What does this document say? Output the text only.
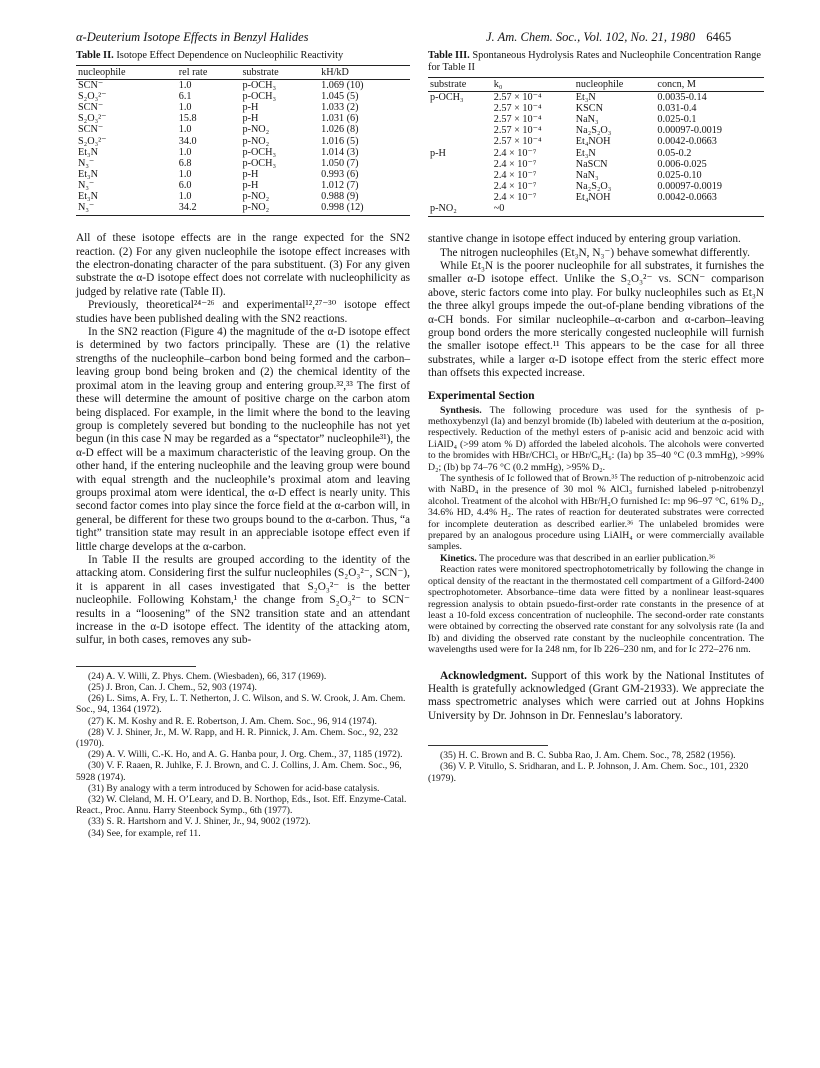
α-Deuterium Isotope Effects in Benzyl Halides	J. Am. Chem. Soc., Vol. 102, No. 21, 1980 6465
Table II. Isotope Effect Dependence on Nucleophilic Reactivity
nucleophile	rel rate	substrate	kH/kD
SCN⁻	1.0	p-OCH₃	1.069 (10)
S₂O₃²⁻	6.1	p-OCH₃	1.045 (5)
SCN⁻	1.0	p-H	1.033 (2)
S₂O₃²⁻	15.8	p-H	1.031 (6)
SCN⁻	1.0	p-NO₂	1.026 (8)
S₂O₃²⁻	34.0	p-NO₂	1.016 (5)
Et₃N	1.0	p-OCH₃	1.014 (3)
N₃⁻	6.8	p-OCH₃	1.050 (7)
Et₃N	1.0	p-H	0.993 (6)
N₃⁻	6.0	p-H	1.012 (7)
Et₃N	1.0	p-NO₂	0.988 (9)
N₃⁻	34.2	p-NO₂	0.998 (12)

All of these isotope effects are in the range expected for the SN2 reaction. (2) For any given nucleophile the isotope effect increases with the electron-donating character of the para substituent. (3) For any given substrate the α-D isotope effect does not correlate with nucleophilicity as judged by relative rate (Table II).

Previously, theoretical²⁴⁻²⁶ and experimental¹²,²⁷⁻³⁰ isotope effect studies have been published dealing with the SN2 reactions.

In the SN2 reaction (Figure 4) the magnitude of the α-D isotope effect is determined by two factors principally. These are (1) the relative strengths of the nucleophile–carbon bond being formed and the carbon–leaving group bond being broken and (2) the chemical identity of the proximal atom in the leaving group and entering group.³²,³³ The first of these will determine the amount of positive charge on the carbon atom being displaced. For example, in the limit where the bond to the leaving group is completely severed but bonding to the nucleophile has not yet begun (in this case N may be regarded as a “spectator” nucleophile³¹), the α-D effect will be a maximum characteristic of the leaving group. On the other hand, if the entering nucleophile and the leaving group were bound with equal strength and the nucleophile’s proximal atom and leaving groups proximal atom were identical, the α-D effect is nearly unity. This second factor comes into play since the force field at the α-carbon will, in general, be different for these two groups bound to the α-carbon. Thus, “a tight” transition state may result in an appreciable isotope effect even if little charge develops at the α-carbon.

In Table II the results are grouped according to the identity of the attacking atom. Considering first the sulfur nucleophiles (S₂O₃²⁻, SCN⁻), it is apparent in all cases investigated that S₂O₃²⁻ is the better nucleophile. Following Kohstam,¹ the change from S₂O₃²⁻ to SCN⁻ results in a “loosening” of the SN2 transition state and an attendant increase in the α-D isotope effect. The identity of the attacking atom, sulfur, in both cases, removes any sub-

(24) A. V. Willi, Z. Phys. Chem. (Wiesbaden), 66, 317 (1969).
(25) J. Bron, Can. J. Chem., 52, 903 (1974).
(26) L. Sims, A. Fry, L. T. Netherton, J. C. Wilson, and S. W. Crook, J. Am. Chem. Soc., 94, 1364 (1972).
(27) K. M. Koshy and R. E. Robertson, J. Am. Chem. Soc., 96, 914 (1974).
(28) V. J. Shiner, Jr., M. W. Rapp, and H. R. Pinnick, J. Am. Chem. Soc., 92, 232 (1970).
(29) A. V. Willi, C.-K. Ho, and A. G. Hanba pour, J. Org. Chem., 37, 1185 (1972).
(30) V. F. Raaen, R. Juhlke, F. J. Brown, and C. J. Collins, J. Am. Chem. Soc., 96, 5928 (1974).
(31) By analogy with a term introduced by Schowen for acid-base catalysis.
(32) W. Cleland, M. H. O’Leary, and D. B. Northop, Eds., Isot. Eff. Enzyme-Catal. React., Proc. Annu. Harry Steenbock Symp., 6th (1977).
(33) S. R. Hartshorn and V. J. Shiner, Jr., 94, 9002 (1972).
(34) See, for example, ref 11.
Table III. Spontaneous Hydrolysis Rates and Nucleophile Concentration Range for Table II
substrate	k₀	nucleophile	concn, M
p-OCH₃	2.57 × 10⁻⁴	Et₃N	0.0035-0.14
	2.57 × 10⁻⁴	KSCN	0.031-0.4
	2.57 × 10⁻⁴	NaN₃	0.025-0.1
	2.57 × 10⁻⁴	Na₂S₂O₃	0.00097-0.0019
	2.57 × 10⁻⁴	Et₄NOH	0.0042-0.0663
p-H	2.4 × 10⁻⁷	Et₃N	0.05-0.2
	2.4 × 10⁻⁷	NaSCN	0.006-0.025
	2.4 × 10⁻⁷	NaN₃	0.025-0.10
	2.4 × 10⁻⁷	Na₂S₂O₃	0.00097-0.0019
	2.4 × 10⁻⁷	Et₄NOH	0.0042-0.0663
p-NO₂	~0		

stantive change in isotope effect induced by entering group variation.

The nitrogen nucleophiles (Et₃N, N₃⁻) behave somewhat differently.

While Et₃N is the poorer nucleophile for all substrates, it furnishes the smaller α-D isotope effect. Unlike the S₂O₃²⁻ vs. SCN⁻ comparison above, steric factors come into play. For bulky nucleophiles such as Et₃N the three alkyl groups impede the out-of-plane bending vibrations of the α-CH bonds. For similar nucleophile–α-carbon and α-carbon–leaving group bond orders the more sterically congested nucleophile will furnish the smaller isotope effect.¹¹ This appears to be the case for all three substrates, while a larger α-D isotope effect from the steric effect more than offsets this expected increase.

Experimental Section

Synthesis. The following procedure was used for the synthesis of p-methoxybenzyl (Ia) and benzyl bromide (Ib) labeled with deuterium at the α-position, respectively. Reduction of the methyl esters of p-anisic acid and benzoic acid with LiAlD₄ (>99 atom % D) afforded the labeled alcohols. The alcohols were converted to the bromides with HBr/CHCl₃ or HBr/C₆H₆: (Ia) bp 35–40 °C (0.3 mmHg), >99% D₂; (Ib) bp 74–76 °C (0.2 mmHg), >95% D₂.

The synthesis of Ic followed that of Brown.³⁵ The reduction of p-nitrobenzoic acid with NaBD₄ in the presence of 30 mol % AlCl₃ furnished labeled p-nitrobenzyl alcohol. Treatment of the alcohol with HBr/H₂O furnished Ic: mp 96–97 °C, 61% D₂, 34.6% HD, 4.4% H₂. The rates of reaction for deuterated substrates were corrected for incomplete deuteration as described earlier.³⁶ The unlabeled bromides were prepared by an analogous procedure using LiAlH₄ or were commercially available samples.

Kinetics. The procedure was that described in an earlier publication.³⁶

Reaction rates were monitored spectrophotometrically by following the change in optical density of the reactant in the thermostated cell compartment of a Gilford-2400 spectrophotometer. Absorbance–time data were fitted by a nonlinear least-squares regression analysis to obtain psuedo-first-order rate constants in the presence of at least a 10-fold excess concentration of nucleophile. The second-order rate constants were obtained by correcting the observed rate constant for any solvolysis rate (Ia and Ib) and dividing the observed rate constant by the nucleophile concentration. The wavelengths used were for Ia 248 nm, for Ib 226–230 nm, and for Ic 272–276 nm.

Acknowledgment. Support of this work by the National Institutes of Health is gratefully acknowledged (Grant GM-21933). We appreciate the mass spectrometric analyses which were carried out at Johns Hopkins University by Dr. Johnson in Dr. Fenneslau’s laboratory.
(35) H. C. Brown and B. C. Subba Rao, J. Am. Chem. Soc., 78, 2582 (1956).
(36) V. P. Vitullo, S. Sridharan, and L. P. Johnson, J. Am. Chem. Soc., 101, 2320 (1979).
